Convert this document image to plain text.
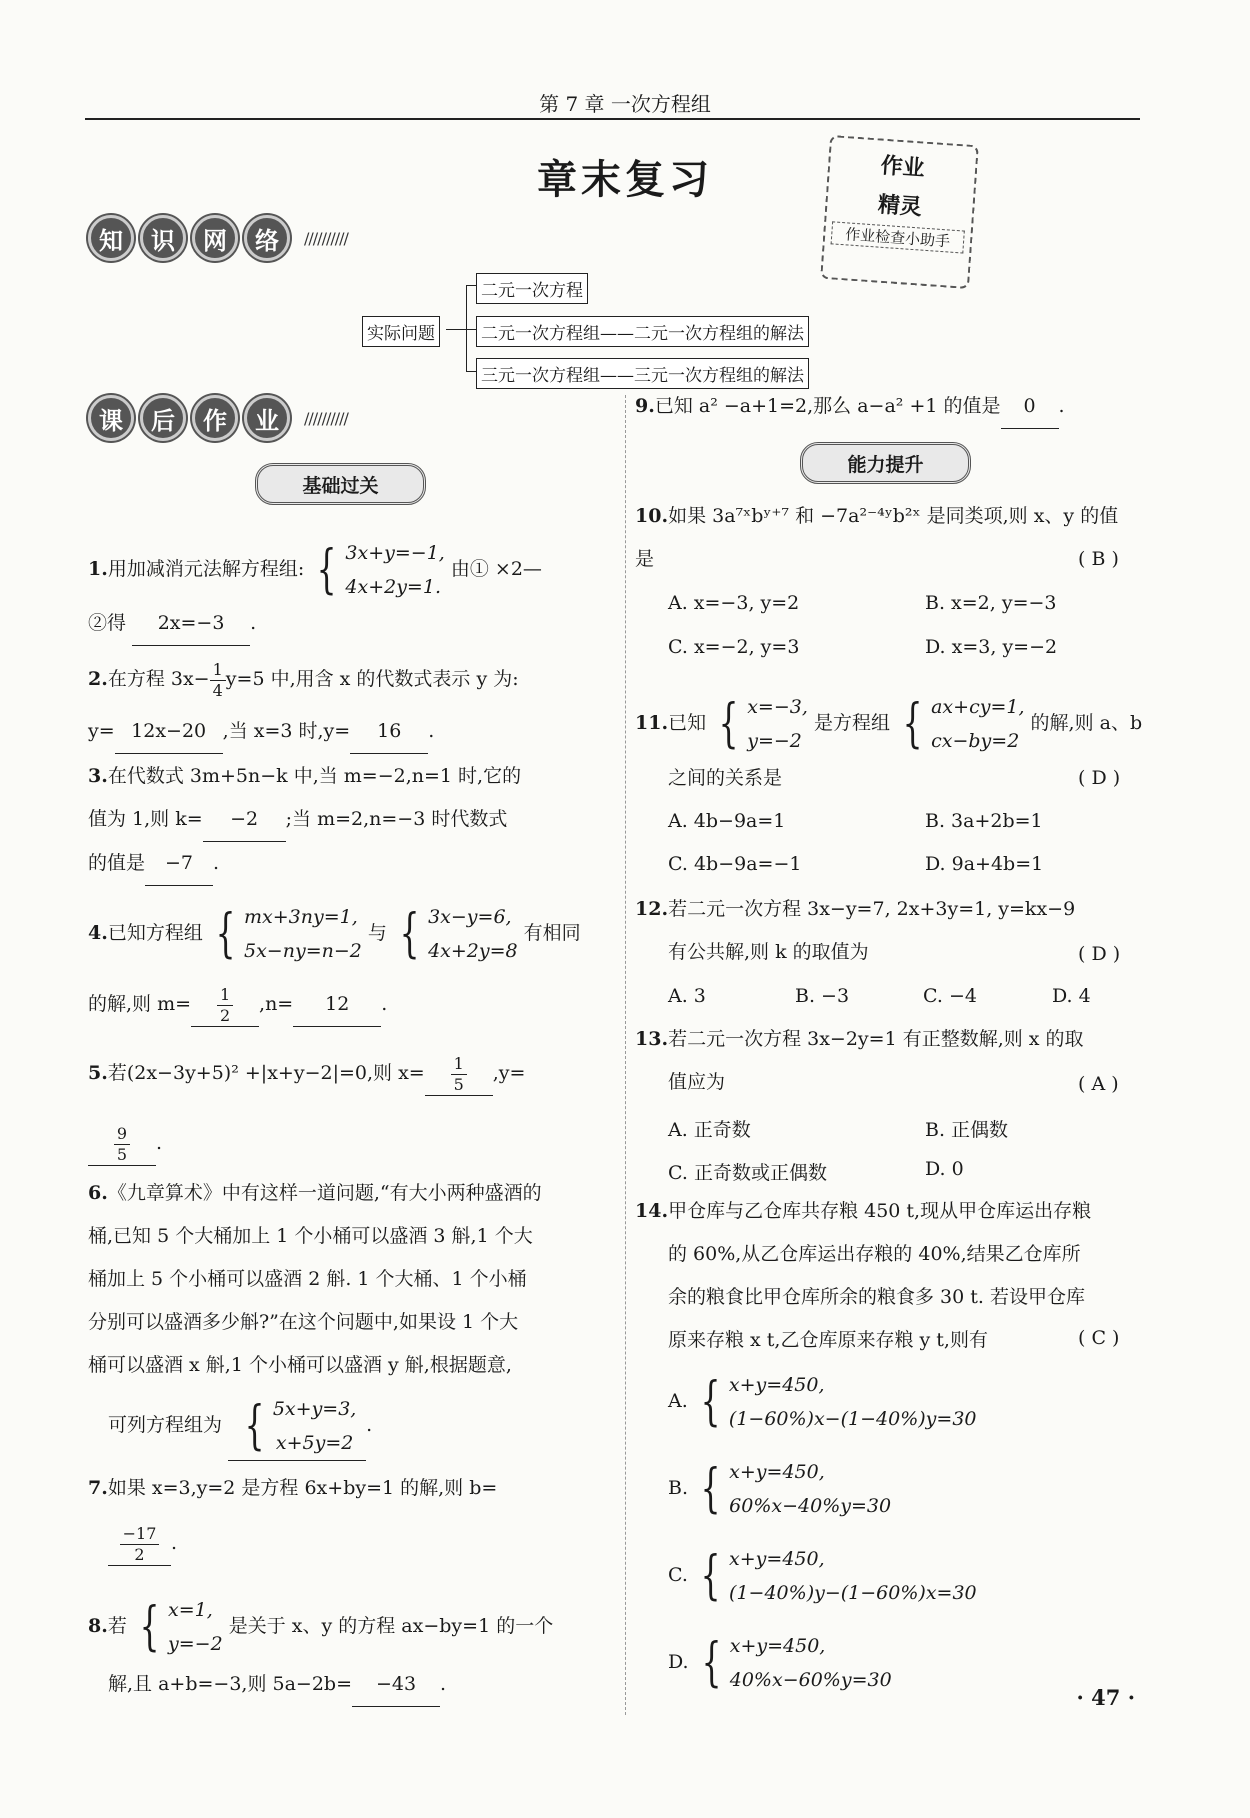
第 7 章 一次方程组
章末复习	作业
精灵
作业检查小助手
知	识	网	络	//////////
实际问题
二元一次方程
二元一次方程组——二元一次方程组的解法
三元一次方程组——三元一次方程组的解法
课	后	作	业	//////////
基础过关
能力提升
1.用加减消元法解方程组: { 3x+y=−1,
4x+2y=1.
由① ×2—
②得 2x=−3 .
2.在方程 $3x- \frac{1}{4} y=5$ 中,用含 x 的代数式表示 y 为:
y= 12x−20 ,当 x=3 时,y= 16 .
3.在代数式 3m+5n−k 中,当 m=−2,n=1 时,它的
值为 1,则 k= −2 ;当 m=2,n=−3 时代数式
的值是 −7 .
4.已知方程组 { mx+3ny=1,
5x−ny=n−2
与 { 3x−y=6,
4x+2y=8
有相同
的解,则 $m= \frac{1}{2} ,n= 12$ .
5.若(2x−3y+5)² +|x+y−2|=0,则 $x= \frac{1}{5} ,y=$
$\frac{9}{5}$ .
6.《九章算术》中有这样一道问题,“有大小两种盛酒的
桶,已知 5 个大桶加上 1 个小桶可以盛酒 3 斛,1 个大
桶加上 5 个小桶可以盛酒 2 斛. 1 个大桶、1 个小桶
分别可以盛酒多少斛?”在这个问题中,如果设 1 个大
桶可以盛酒 x 斛,1 个小桶可以盛酒 y 斛,根据题意,
可列方程组为 { 5x+y=3,
x+5y=2
.
7.如果 x=3,y=2 是方程 6x+by=1 的解,则 b=
$\frac{-17}{2}$ .
8.若 { x=1,
y=−2
是关于 x、y 的方程 ax−by=1 的一个
解,且 a+b=−3,则 5a−2b= −43 .
9.已知 a² −a+1=2,那么 a−a² +1 的值是 0 .
10.如果 3a⁷ˣbʸ⁺⁷ 和 −7a²⁻⁴ʸb²ˣ 是同类项,则 x、y 的值
是	( B )
A. x=−3, y=2	B. x=2, y=−3
C. x=−2, y=3	D. x=3, y=−2
11.已知 { x=−3,
y=−2
是方程组 { ax+cy=1,
cx−by=2
的解,则 a、b
之间的关系是	( D )
A. 4b−9a=1	B. 3a+2b=1
C. 4b−9a=−1	D. 9a+4b=1
12.若二元一次方程 3x−y=7, 2x+3y=1, y=kx−9
有公共解,则 k 的取值为	( D )
A. 3	B. −3	C. −4	D. 4
13.若二元一次方程 3x−2y=1 有正整数解,则 x 的取
值应为	( A )
A. 正奇数	B. 正偶数
C. 正奇数或正偶数	D. 0
14.甲仓库与乙仓库共存粮 450 t,现从甲仓库运出存粮
的 60%,从乙仓库运出存粮的 40%,结果乙仓库所
余的粮食比甲仓库所余的粮食多 30 t. 若设甲仓库
原来存粮 x t,乙仓库原来存粮 y t,则有	( C )
A. { x+y=450,
(1−60%)x−(1−40%)y=30
B. { x+y=450,
60%x−40%y=30
C. { x+y=450,
(1−40%)y−(1−60%)x=30
D. { x+y=450,
40%x−60%y=30
· 47 ·
